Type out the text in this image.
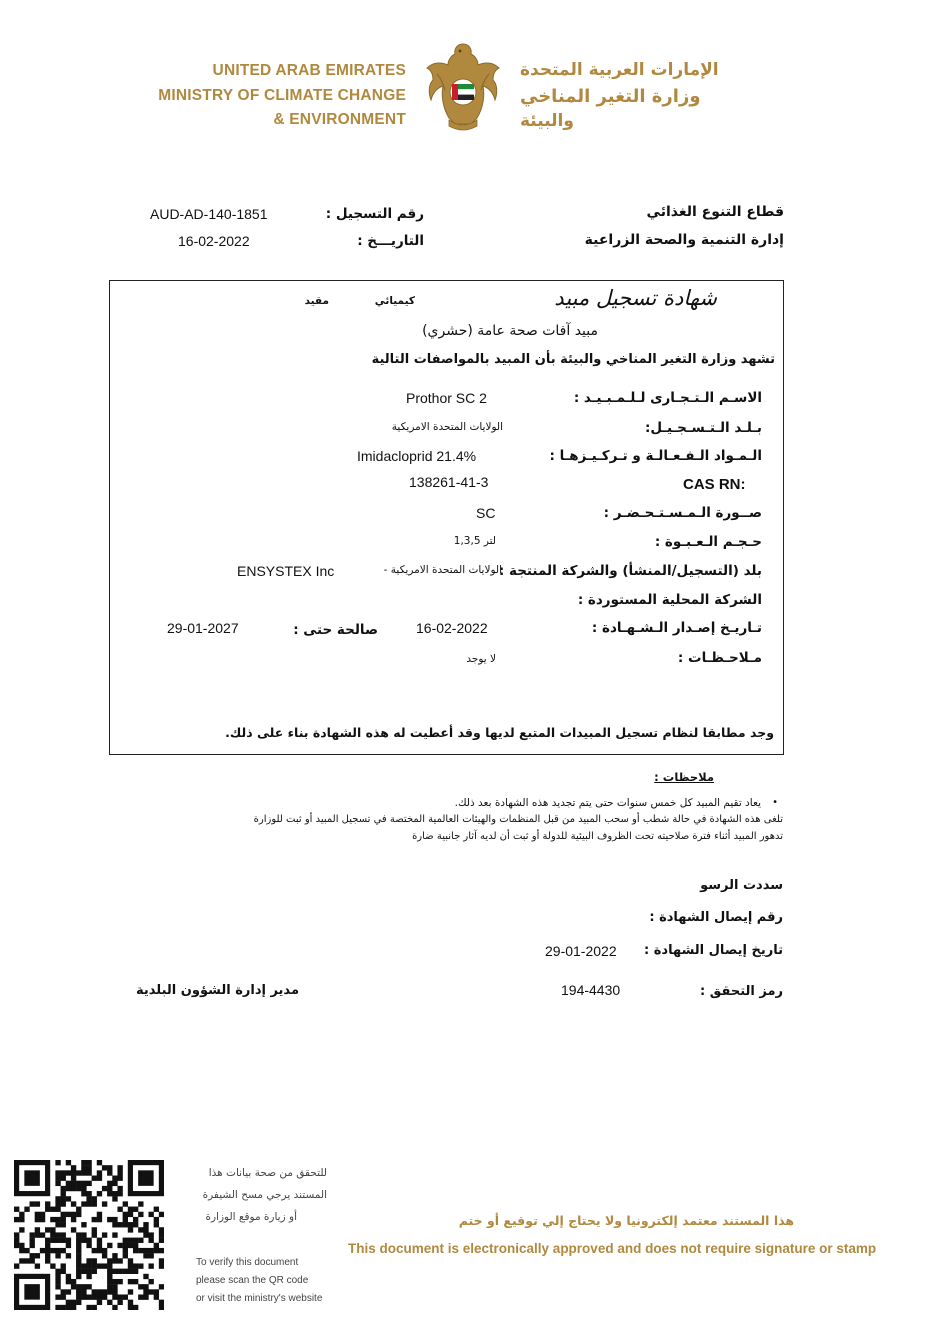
UNITED ARAB EMIRATES
MINISTRY OF CLIMATE CHANGE
& ENVIRONMENT
الإمارات العربية المتحدة
وزارة التغير المناخي
والبيئة
قطاع التنوع الغذائي
إدارة التنمية والصحة الزراعية
رقم التسجيل :
AUD-AD-140-1851
التاريـــخ :
16-02-2022
شهادة تسجيل مبيد
كيميائي
مقيد
مبيد آفات صحة عامة (حشري)
تشهد وزارة التغير المناخي والبيئة بأن المبيد بالمواصفات التالية
الاسـم الـتـجـارى لـلـمـبـيـد :
Prothor SC 2
بـلـد الـتـسـجـيـل:
الولايات المتحدة الامريكية
الـمـواد الـفـعـالـة و تـركـيـزهـا :
Imidacloprid 21.4%
CAS RN:
138261-41-3
صــورة الـمـسـتـحـضـر :
SC
حـجـم الـعـبـوة :
لتر 1,3,5
بلد (التسجيل/المنشأ) والشركة المنتجة :
الولايات المتحدة الامريكية -
ENSYSTEX Inc
الشركة المحلية المستوردة :
تـاريـخ إصـدار الـشـهـادة :
16-02-2022
صالحة حتى :
29-01-2027
مـلاحـظـات :
لا يوجد
وجد مطابقا لنظام تسجيل المبيدات المتبع لديها وقد أعطيت له هذه الشهادة بناء على ذلك.
ملاحظات :
•
يعاد تقيم المبيد كل خمس سنوات حتى يتم تجديد هذه الشهادة بعد ذلك.
تلغى هذه الشهادة في حالة شطب أو سحب المبيد من قبل المنظمات والهيئات العالمية المختصة في تسجيل المبيد أو ثبت للوزارة
تدهور المبيد أثناء فترة صلاحيته تحت الظروف البيئية للدولة أو ثبت أن لديه آثار جانبية ضارة
سددت الرسو
رقم إيصال الشهادة :
تاريخ إيصال الشهادة :
29-01-2022
رمز التحقق :
194-4430
مدير إدارة الشؤون البلدية
للتحقق من صحة بيانات هذا
المستند يرجي مسح الشيفرة
أو زيارة موقع الوزارة
To verify this document
please scan the QR code
or visit the ministry's website
هذا المستند معتمد إلكترونيا ولا يحتاج إلي توقيع أو ختم
This document is electronically approved and does not require signature or stamp
